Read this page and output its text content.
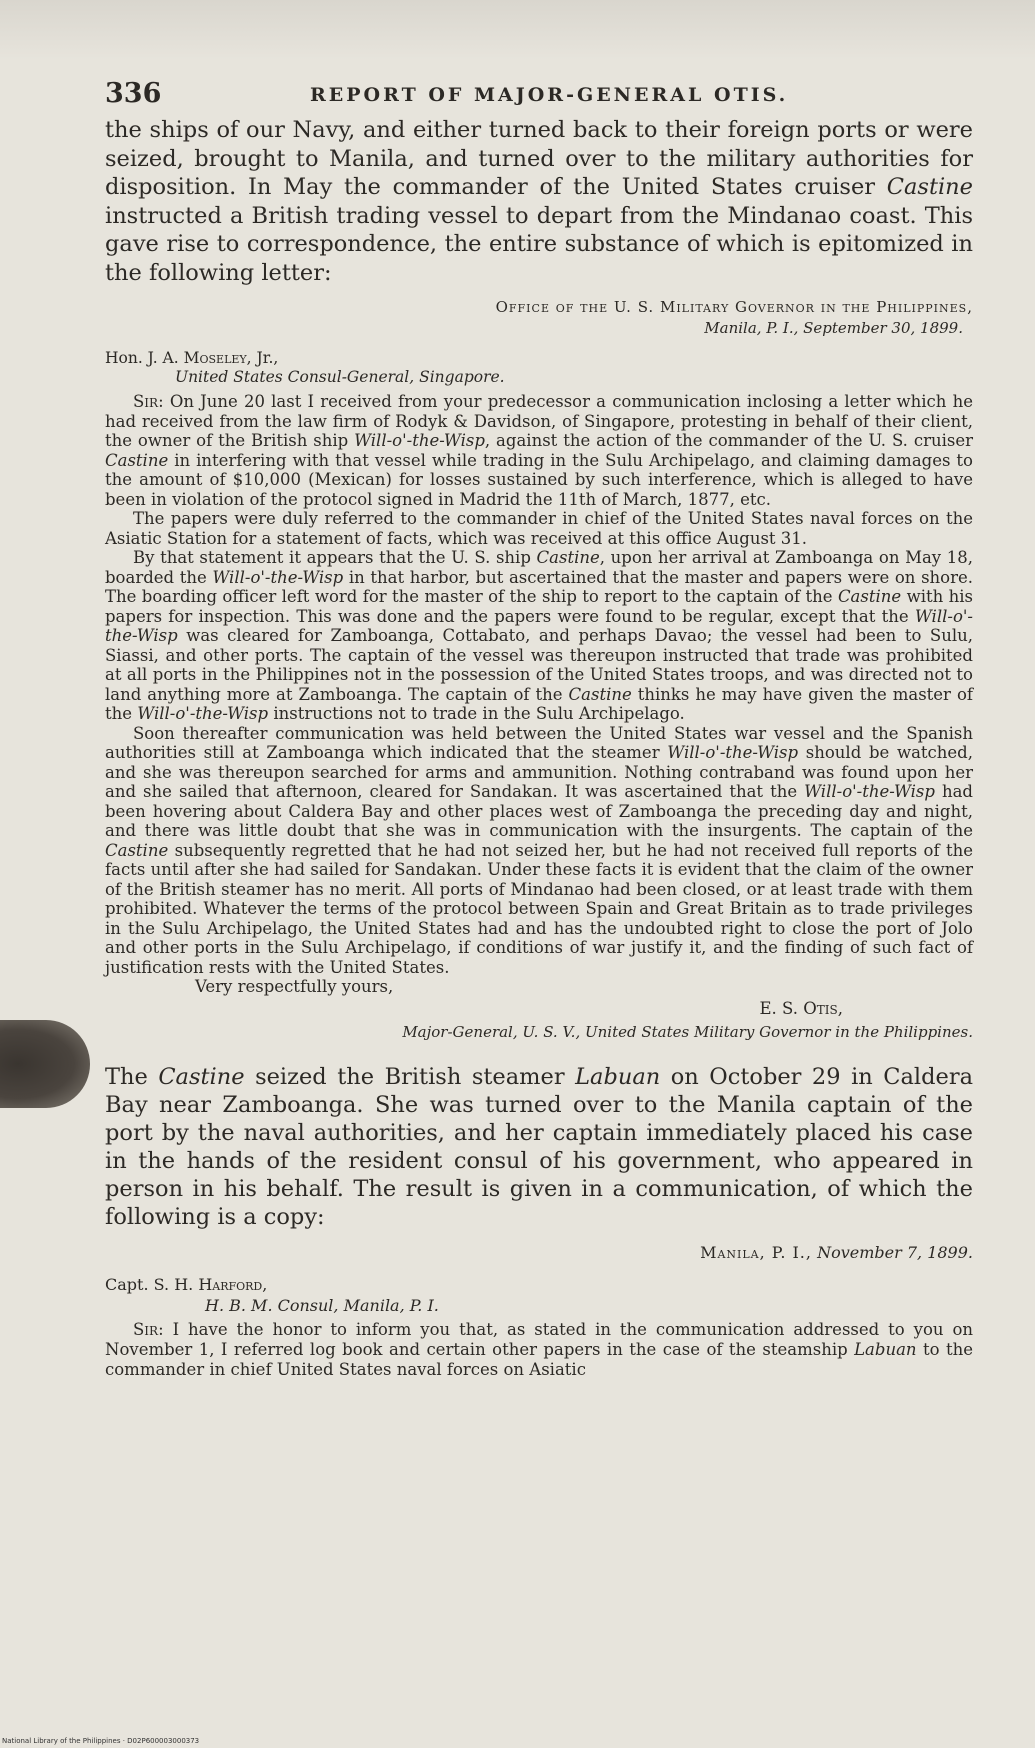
336	REPORT OF MAJOR-GENERAL OTIS.

the ships of our Navy, and either turned back to their foreign ports or were seized, brought to Manila, and turned over to the military authorities for disposition. In May the commander of the United States cruiser Castine instructed a British trading vessel to depart from the Mindanao coast. This gave rise to correspondence, the entire substance of which is epitomized in the following letter:

Office of the U. S. Military Governor in the Philippines,
Manila, P. I., September 30, 1899.
Hon. J. A. Moseley, Jr.,
United States Consul-General, Singapore.

Sir: On June 20 last I received from your predecessor a communication inclosing a letter which he had received from the law firm of Rodyk & Davidson, of Singapore, protesting in behalf of their client, the owner of the British ship Will-o'-the-Wisp, against the action of the commander of the U. S. cruiser Castine in interfering with that vessel while trading in the Sulu Archipelago, and claiming damages to the amount of $10,000 (Mexican) for losses sustained by such interference, which is alleged to have been in violation of the protocol signed in Madrid the 11th of March, 1877, etc.

The papers were duly referred to the commander in chief of the United States naval forces on the Asiatic Station for a statement of facts, which was received at this office August 31.

By that statement it appears that the U. S. ship Castine, upon her arrival at Zamboanga on May 18, boarded the Will-o'-the-Wisp in that harbor, but ascertained that the master and papers were on shore. The boarding officer left word for the master of the ship to report to the captain of the Castine with his papers for inspection. This was done and the papers were found to be regular, except that the Will-o'-the-Wisp was cleared for Zamboanga, Cottabato, and perhaps Davao; the vessel had been to Sulu, Siassi, and other ports. The captain of the vessel was thereupon instructed that trade was prohibited at all ports in the Philippines not in the possession of the United States troops, and was directed not to land anything more at Zamboanga. The captain of the Castine thinks he may have given the master of the Will-o'-the-Wisp instructions not to trade in the Sulu Archipelago.

Soon thereafter communication was held between the United States war vessel and the Spanish authorities still at Zamboanga which indicated that the steamer Will-o'-the-Wisp should be watched, and she was thereupon searched for arms and ammunition. Nothing contraband was found upon her and she sailed that afternoon, cleared for Sandakan. It was ascertained that the Will-o'-the-Wisp had been hovering about Caldera Bay and other places west of Zamboanga the preceding day and night, and there was little doubt that she was in communication with the insurgents. The captain of the Castine subsequently regretted that he had not seized her, but he had not received full reports of the facts until after she had sailed for Sandakan. Under these facts it is evident that the claim of the owner of the British steamer has no merit. All ports of Mindanao had been closed, or at least trade with them prohibited. Whatever the terms of the protocol between Spain and Great Britain as to trade privileges in the Sulu Archipelago, the United States had and has the undoubted right to close the port of Jolo and other ports in the Sulu Archipelago, if conditions of war justify it, and the finding of such fact of justification rests with the United States.

Very respectfully yours,
E. S. Otis,
Major-General, U. S. V., United States Military Governor in the Philippines.

The Castine seized the British steamer Labuan on October 29 in Caldera Bay near Zamboanga. She was turned over to the Manila captain of the port by the naval authorities, and her captain immediately placed his case in the hands of the resident consul of his government, who appeared in person in his behalf. The result is given in a communication, of which the following is a copy:

Manila, P. I., November 7, 1899.
Capt. S. H. Harford,
H. B. M. Consul, Manila, P. I.

Sir: I have the honor to inform you that, as stated in the communication addressed to you on November 1, I referred log book and certain other papers in the case of the steamship Labuan to the commander in chief United States naval forces on Asiatic

National Library of the Philippines · D02P600003000373
